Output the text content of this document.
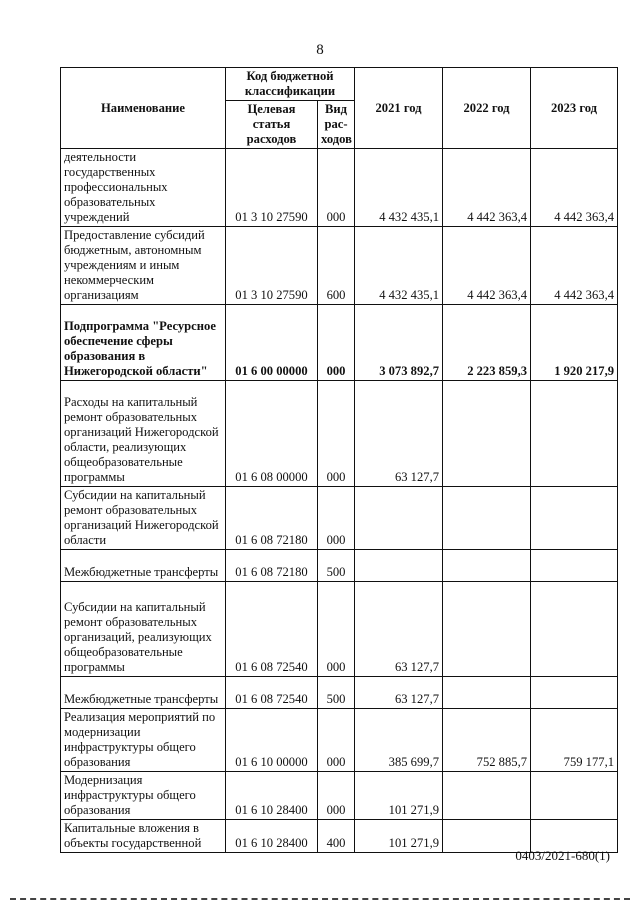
8
Наименование	Код бюджетной классификации		2021 год	2022 год	2023 год
	Целевая статья расходов	Вид рас-ходов			
деятельности государственных профессиональных образовательных учреждений	01 3 10 27590	000	4 432 435,1	4 442 363,4	4 442 363,4
Предоставление субсидий бюджетным, автономным учреждениям и иным некоммерческим организациям	01 3 10 27590	600	4 432 435,1	4 442 363,4	4 442 363,4
Подпрограмма "Ресурсное обеспечение сферы образования в Нижегородской области"	01 6 00 00000	000	3 073 892,7	2 223 859,3	1 920 217,9
Расходы на капитальный ремонт образовательных организаций Нижегородской области, реализующих общеобразовательные программы	01 6 08 00000	000	63 127,7		
Субсидии на капитальный ремонт образовательных организаций Нижегородской области	01 6 08 72180	000			
Межбюджетные трансферты	01 6 08 72180	500			
Субсидии на капитальный ремонт образовательных организаций, реализующих общеобразовательные программы	01 6 08 72540	000	63 127,7		
Межбюджетные трансферты	01 6 08 72540	500	63 127,7		
Реализация мероприятий по модернизации инфраструктуры общего образования	01 6 10 00000	000	385 699,7	752 885,7	759 177,1
Модернизация инфраструктуры общего образования	01 6 10 28400	000	101 271,9		
Капитальные вложения в объекты государственной	01 6 10 28400	400	101 271,9		
0403/2021-680(1)
